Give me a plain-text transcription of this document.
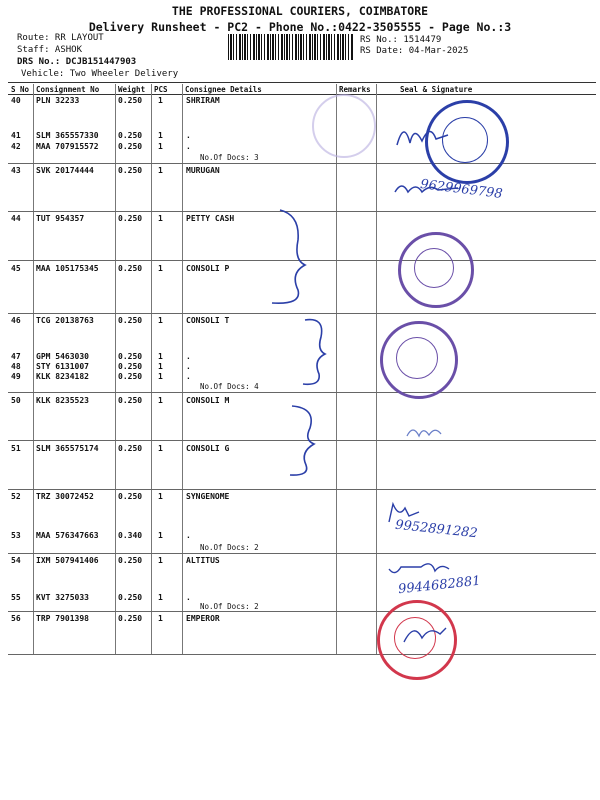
THE PROFESSIONAL COURIERS, COIMBATORE
Delivery Runsheet - PC2 - Phone No.:0422-3505555 - Page No.:3
Route: RR LAYOUT
Staff: ASHOK
DRS No.: DCJB151447903
Vehicle: Two Wheeler Delivery
RS No.: 1514479
RS Date: 04-Mar-2025
S No Consignment No	Weight PCS Consignee Details	Remarks	Seal & Signature
40 PLN 32233	0.250 1	SHRIRAM
41 SLM 365557330 0.250 1	.
42 MAA 707915572 0.250 1	.
43 SVK 20174444	0.250 1	MURUGAN
44 TUT 954357	0.250 1	PETTY CASH
45 MAA 105175345 0.250 1	CONSOLI P
46 TCG 20138763	0.250 1	CONSOLI T
47 GPM 5463030	0.250 1	.
48 STY 6131007	0.250 1	.
49 KLK 8234182	0.250 1	.
50 KLK 8235523	0.250 1	CONSOLI M
51 SLM 365575174 0.250 1	CONSOLI G
52 TRZ 30072452	0.250 1	SYNGENOME
53 MAA 576347663 0.340 1	.
54 IXM 507941406 0.250 1	ALTITUS
55 KVT 3275033	0.250 1	.
56 TRP 7901398	0.250 1	EMPEROR
No.Of Docs: 3
No.Of Docs: 4
No.Of Docs: 2
No.Of Docs: 2
9629969798
9952891282
9944682881
